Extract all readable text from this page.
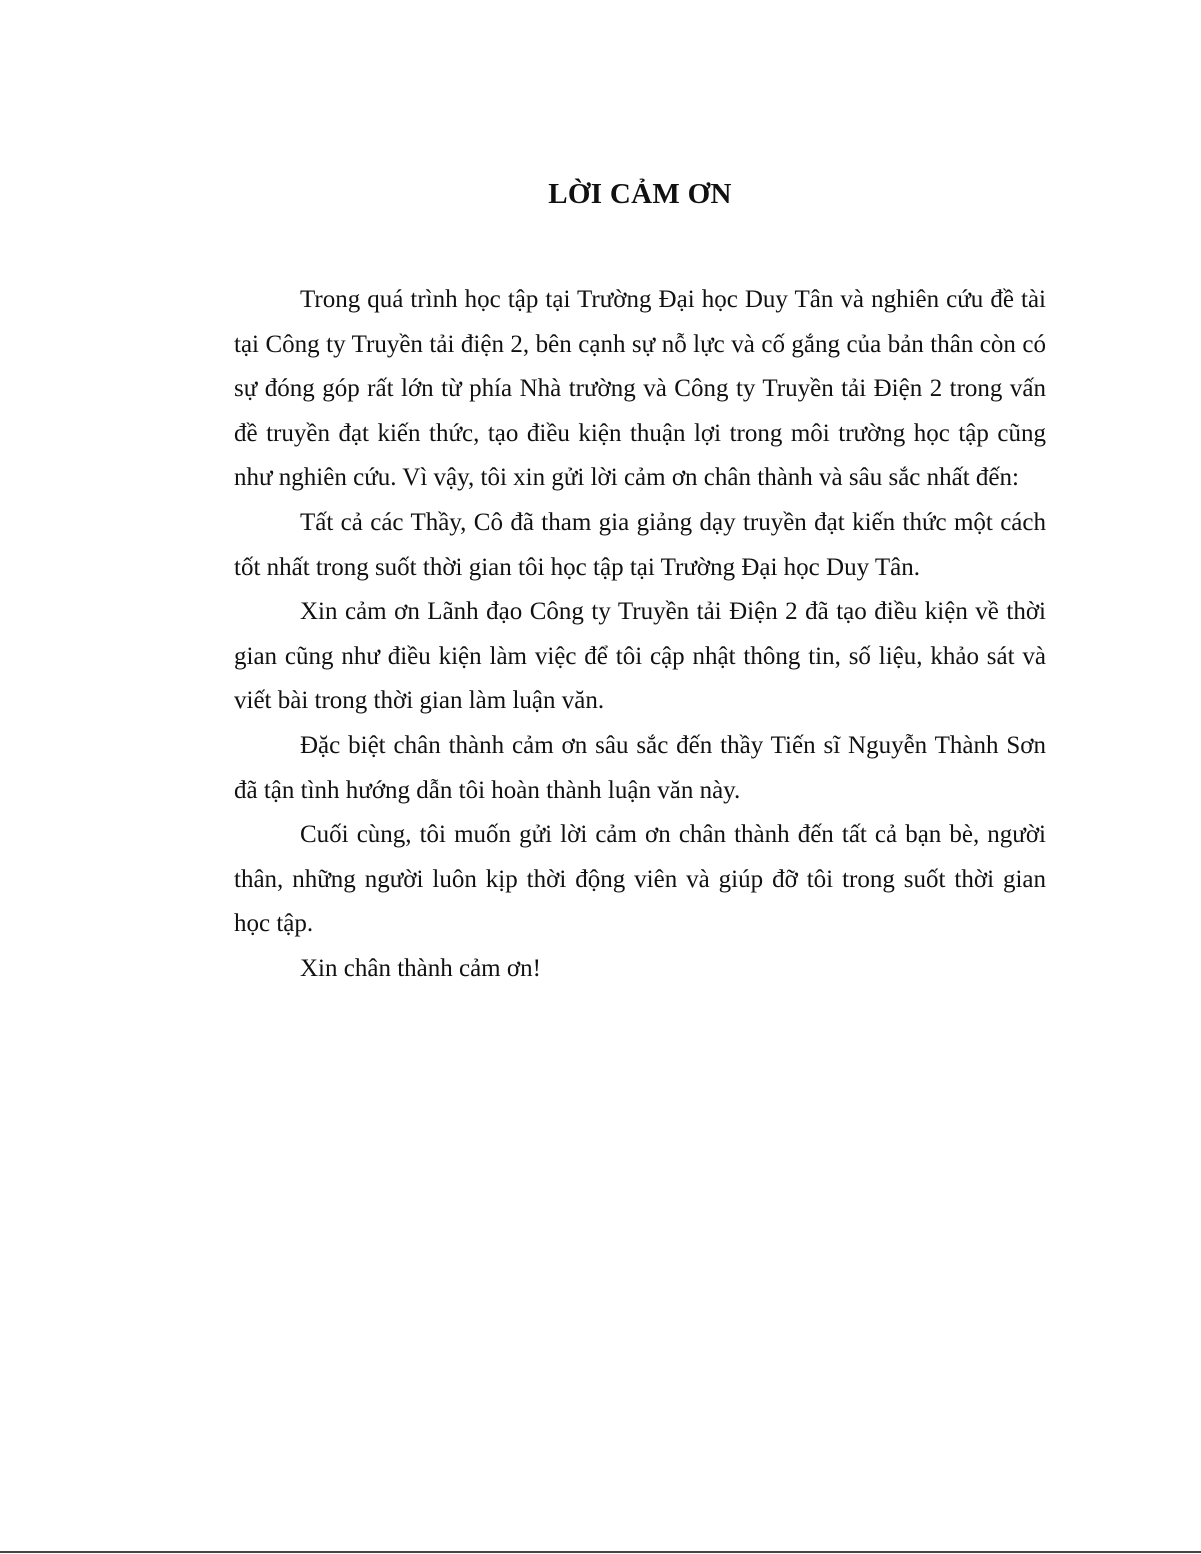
LỜI CẢM ƠN

Trong quá trình học tập tại Trường Đại học Duy Tân và nghiên cứu đề tài tại Công ty Truyền tải điện 2, bên cạnh sự nỗ lực và cố gắng của bản thân còn có sự đóng góp rất lớn từ phía Nhà trường và Công ty Truyền tải Điện 2 trong vấn đề truyền đạt kiến thức, tạo điều kiện thuận lợi trong môi trường học tập cũng như nghiên cứu. Vì vậy, tôi xin gửi lời cảm ơn chân thành và sâu sắc nhất đến:

Tất cả các Thầy, Cô đã tham gia giảng dạy truyền đạt kiến thức một cách tốt nhất trong suốt thời gian tôi học tập tại Trường Đại học Duy Tân.

Xin cảm ơn Lãnh đạo Công ty Truyền tải Điện 2 đã tạo điều kiện về thời gian cũng như điều kiện làm việc để tôi cập nhật thông tin, số liệu, khảo sát và viết bài trong thời gian làm luận văn.

Đặc biệt chân thành cảm ơn sâu sắc đến thầy Tiến sĩ Nguyễn Thành Sơn đã tận tình hướng dẫn tôi hoàn thành luận văn này.

Cuối cùng, tôi muốn gửi lời cảm ơn chân thành đến tất cả bạn bè, người thân, những người luôn kịp thời động viên và giúp đỡ tôi trong suốt thời gian học tập.

Xin chân thành cảm ơn!
